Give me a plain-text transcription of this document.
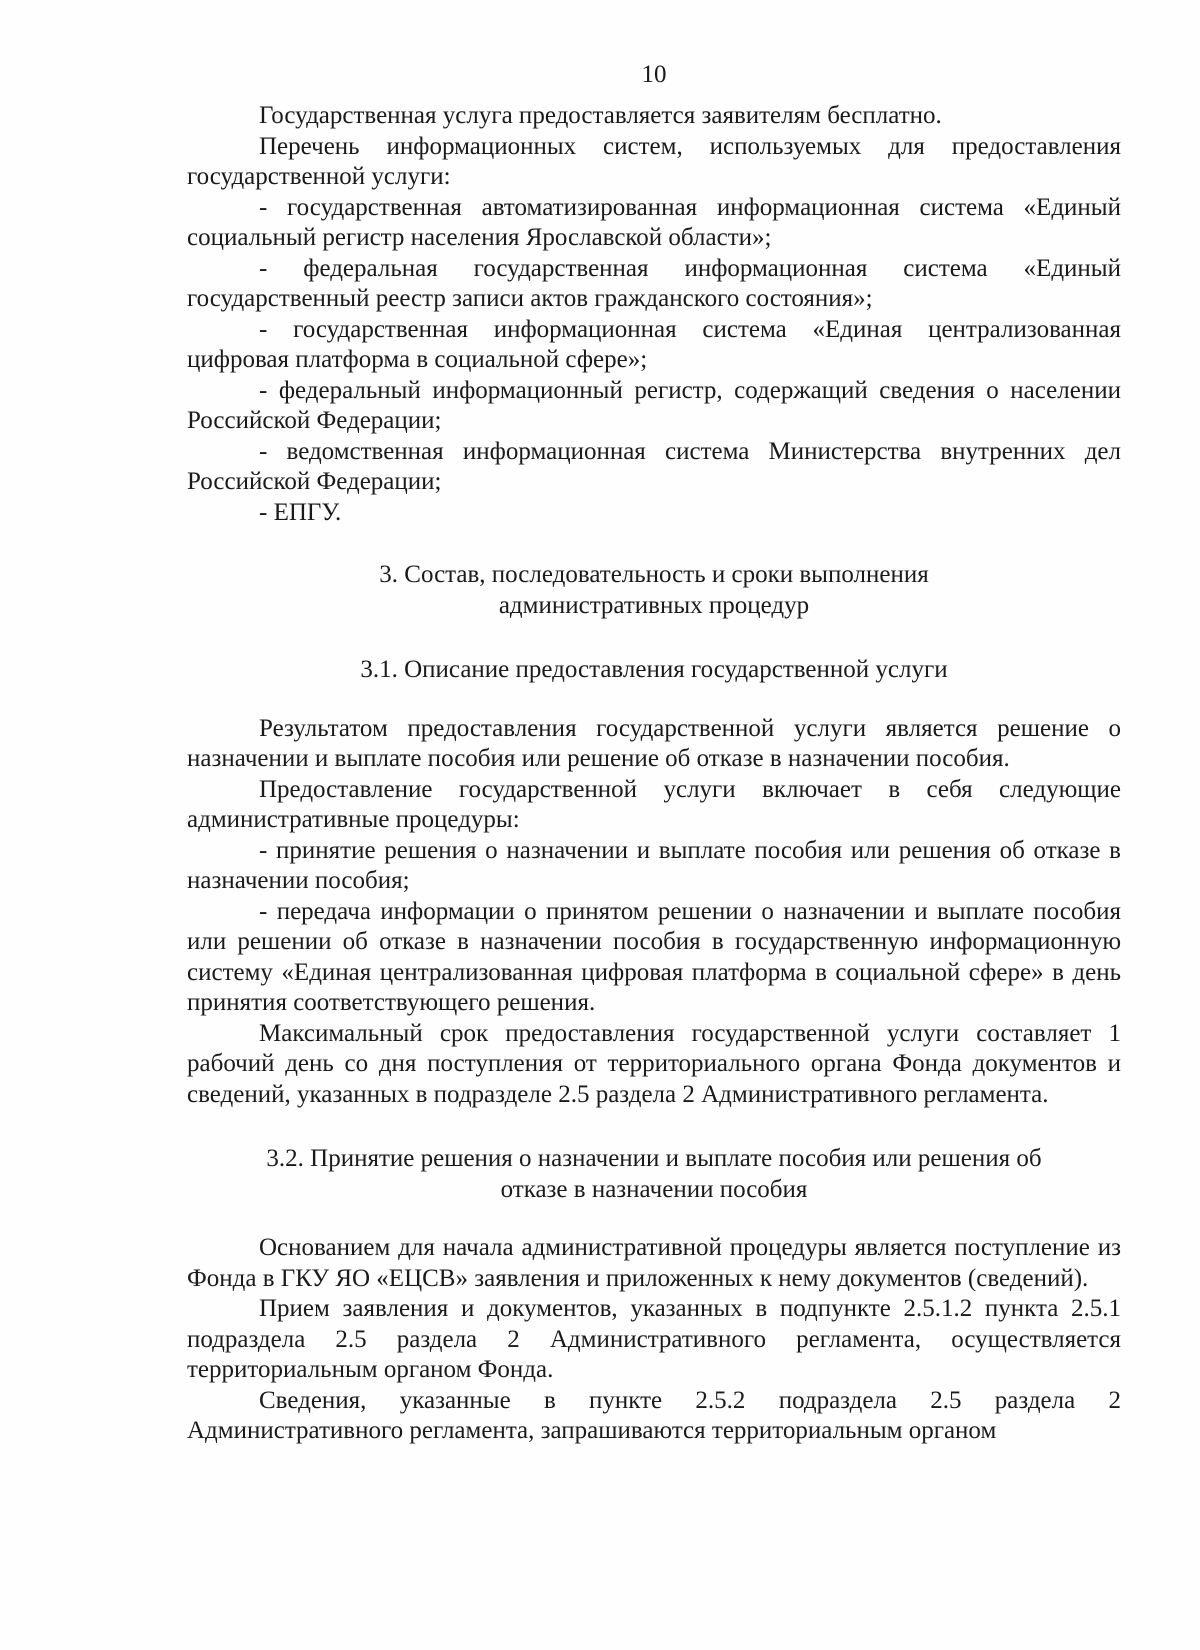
10

Государственная услуга предоставляется заявителям бесплатно.

Перечень информационных систем, используемых для предоставления государственной услуги:

- государственная автоматизированная информационная система «Единый социальный регистр населения Ярославской области»;

- федеральная государственная информационная система «Единый государственный реестр записи актов гражданского состояния»;

- государственная информационная система «Единая централизованная цифровая платформа в социальной сфере»;

- федеральный информационный регистр, содержащий сведения о населении Российской Федерации;

- ведомственная информационная система Министерства внутренних дел Российской Федерации;

- ЕПГУ.

3. Состав, последовательность и сроки выполнения

административных процедур

3.1. Описание предоставления государственной услуги

Результатом предоставления государственной услуги является решение о назначении и выплате пособия или решение об отказе в назначении пособия.

Предоставление государственной услуги включает в себя следующие административные процедуры:

- принятие решения о назначении и выплате пособия или решения об отказе в назначении пособия;

- передача информации о принятом решении о назначении и выплате пособия или решении об отказе в назначении пособия в государственную информационную систему «Единая централизованная цифровая платформа в социальной сфере» в день принятия соответствующего решения.

Максимальный срок предоставления государственной услуги составляет 1 рабочий день со дня поступления от территориального органа Фонда документов и сведений, указанных в подразделе 2.5 раздела 2 Административного регламента.

3.2. Принятие решения о назначении и выплате пособия или решения об

отказе в назначении пособия

Основанием для начала административной процедуры является поступление из Фонда в ГКУ ЯО «ЕЦСВ» заявления и приложенных к нему документов (сведений).

Прием заявления и документов, указанных в подпункте 2.5.1.2 пункта 2.5.1 подраздела 2.5 раздела 2 Административного регламента, осуществляется территориальным органом Фонда.

Сведения, указанные в пункте 2.5.2 подраздела 2.5 раздела 2 Административного регламента, запрашиваются территориальным органом
